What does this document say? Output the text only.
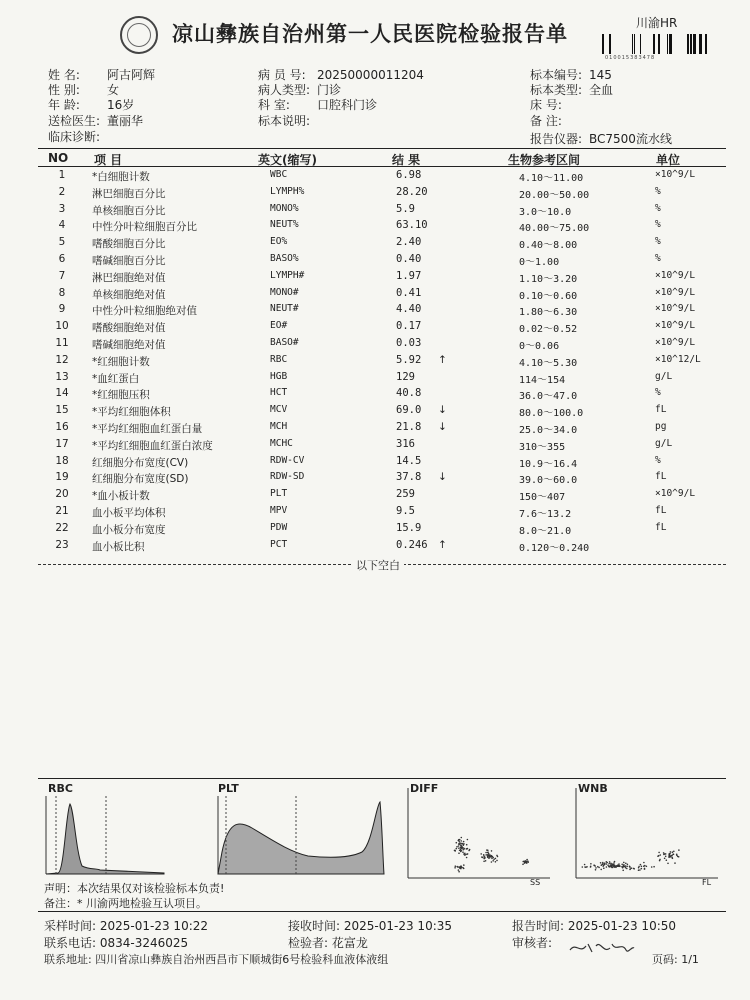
凉山彝族自治州第一人民医院检验报告单	川渝HR
010015383478
姓 名: 阿古阿辉
性 别: 女
年 龄: 16岁
送检医生: 董丽华
临床诊断:
病 员 号: 20250000011204
病人类型: 门诊
科 室: 口腔科门诊
标本说明:
标本编号: 145
标本类型: 全血
床 号:
备 注:
报告仪器: BC7500流水线
NO 项 目	英文(缩写)	结 果	生物参考区间	单位
1	*白细胞计数	WBC	6.98	4.10～11.00	×10^9/L
2	淋巴细胞百分比	LYMPH%	28.20	20.00～50.00	%
3	单核细胞百分比	MONO%	5.9	3.0～10.0	%
4	中性分叶粒细胞百分比	NEUT%	63.10	40.00～75.00	%
5	嗜酸细胞百分比	EO%	2.40	0.40～8.00	%
6	嗜碱细胞百分比	BASO%	0.40	0～1.00	%
7	淋巴细胞绝对值	LYMPH#	1.97	1.10～3.20	×10^9/L
8	单核细胞绝对值	MONO#	0.41	0.10～0.60	×10^9/L
9	中性分叶粒细胞绝对值	NEUT#	4.40	1.80～6.30	×10^9/L
10	嗜酸细胞绝对值	EO#	0.17	0.02～0.52	×10^9/L
11	嗜碱细胞绝对值	BASO#	0.03	0～0.06	×10^9/L
12	*红细胞计数	RBC	5.92 ↑	4.10～5.30	×10^12/L
13	*血红蛋白	HGB	129	114～154	g/L
14	*红细胞压积	HCT	40.8	36.0～47.0	%
15	*平均红细胞体积	MCV	69.0 ↓	80.0～100.0	fL
16	*平均红细胞血红蛋白量	MCH	21.8 ↓	25.0～34.0	pg
17	*平均红细胞血红蛋白浓度	MCHC	316	310～355	g/L
18	红细胞分布宽度(CV)	RDW-CV	14.5	10.9～16.4	%
19	红细胞分布宽度(SD)	RDW-SD	37.8 ↓	39.0～60.0	fL
20	*血小板计数	PLT	259	150～407	×10^9/L
21	血小板平均体积	MPV	9.5	7.6～13.2	fL
22	血小板分布宽度	PDW	15.9	8.0～21.0	fL
23	血小板比积	PCT	0.246 ↑	0.120～0.240
以下空白
RBC	PLT	DIFF
SS
WNB
FL
声明：本次结果仅对该检验标本负责!
备注：* 川渝两地检验互认项目。
采样时间: 2025-01-23 10:22	接收时间: 2025-01-23 10:35	报告时间: 2025-01-23 10:50
联系电话: 0834-3246025	检验者: 花富龙	审核者:
联系地址: 四川省凉山彝族自治州西昌市下顺城街6号检验科血液体液组	页码: 1/1
